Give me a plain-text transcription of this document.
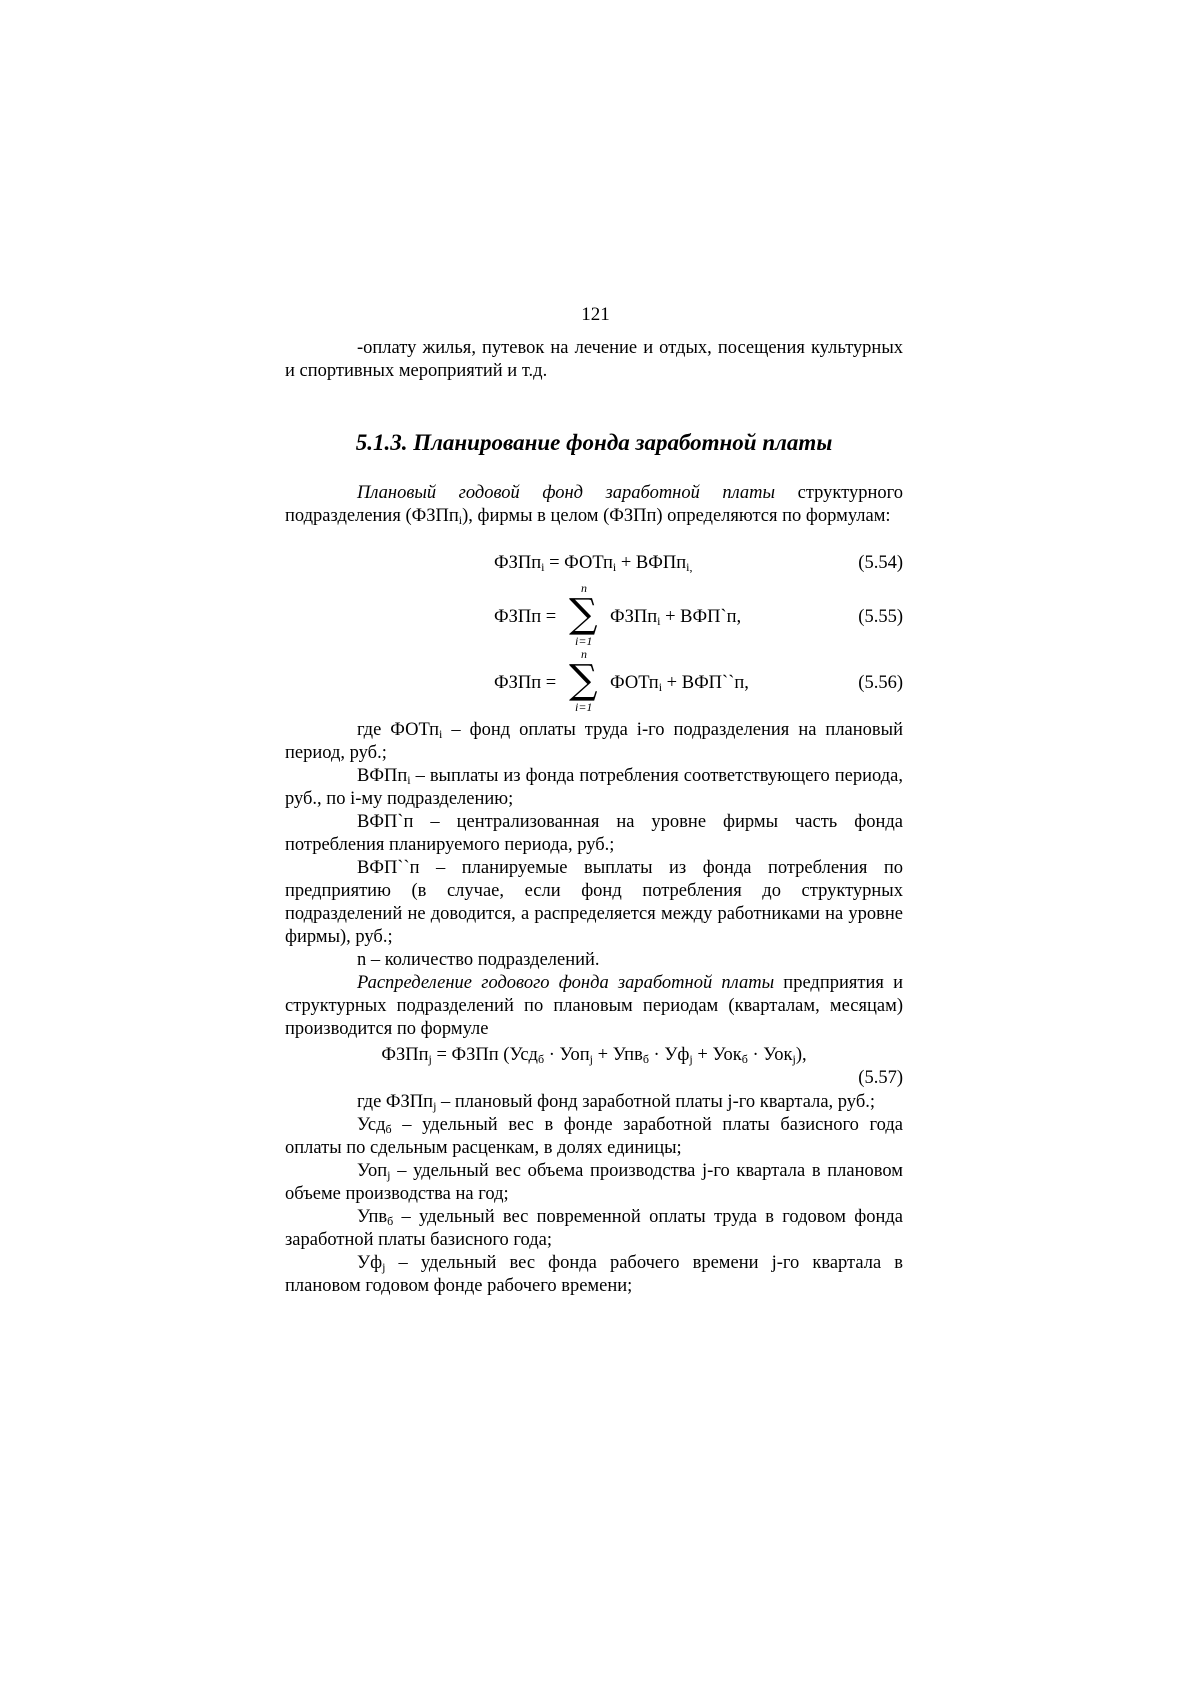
121

-оплату жилья, путевок на лечение и отдых, посещения культурных и спортивных мероприятий и т.д.

5.1.3. Планирование фонда заработной платы

Плановый годовой фонд заработной платы структурного подразделения (ФЗПп$_i$), фирмы в целом (ФЗПп) определяются по формулам:

ФЗПп$_i$ = ФОТп$_i$ + ВФПп$_{i,}$	(5.54)
ФЗПп =
n
∑
i=1
ФЗПп$_i$ + ВФП`п,	(5.55)
ФЗПп =
n
∑
i=1
ФОТп$_i$ + ВФП``п,	(5.56)

где ФОТп$_i$ – фонд оплаты труда i-го подразделения на плановый период, руб.;

ВФПп$_i$ – выплаты из фонда потребления соответствующего периода, руб., по i-му подразделению;

ВФП`п – централизованная на уровне фирмы часть фонда потребления планируемого периода, руб.;

ВФП``п – планируемые выплаты из фонда потребления по предприятию (в случае, если фонд потребления до структурных подразделений не доводится, а распределяется между работниками на уровне фирмы), руб.;

n – количество подразделений.

Распределение годового фонда заработной платы предприятия и структурных подразделений по плановым периодам (кварталам, месяцам) производится по формуле

ФЗПп$_j$ = ФЗПп $(Усд_б \cdot Уоп_j + Упв_б \cdot Уф_j + Уок_б \cdot Уок_j)$,
(5.57)

где ФЗПп$_j$ – плановый фонд заработной платы j-го квартала, руб.;

Усд$_б$ – удельный вес в фонде заработной платы базисного года оплаты по сдельным расценкам, в долях единицы;

Уоп$_j$ – удельный вес объема производства j-го квартала в плановом объеме производства на год;

Упв$_б$ – удельный вес повременной оплаты труда в годовом фонда заработной платы базисного года;

$Уф_j$ – удельный вес фонда рабочего времени j-го квартала в плановом годовом фонде рабочего времени;
